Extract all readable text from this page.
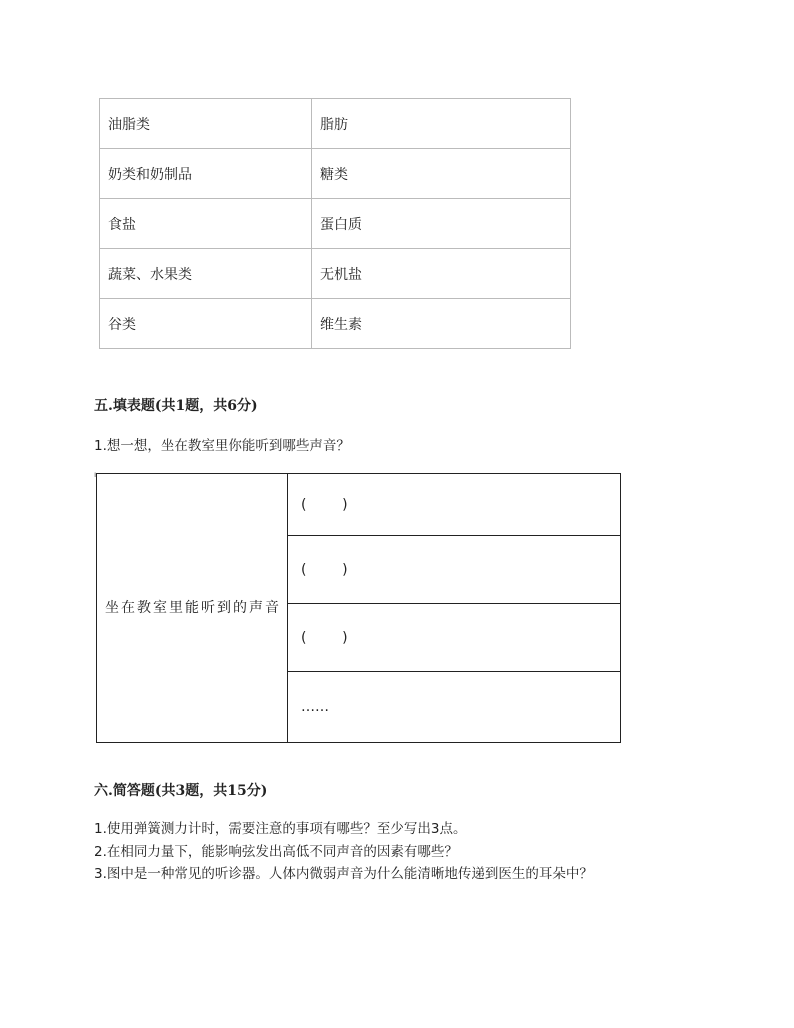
油脂类	脂肪
奶类和奶制品	糖类
食盐	蛋白质
蔬菜、水果类	无机盐
谷类	维生素
五.填表题(共1题，共6分)
1.想一想，坐在教室里你能听到哪些声音？
ı
坐在教室里能听到的声音	(        )
(        )
(        )
……
六.简答题(共3题，共15分)
1.使用弹簧测力计时，需要注意的事项有哪些？至少写出3点。
2.在相同力量下，能影响弦发出高低不同声音的因素有哪些？
3.图中是一种常见的听诊器。人体内微弱声音为什么能清晰地传递到医生的耳朵中？
